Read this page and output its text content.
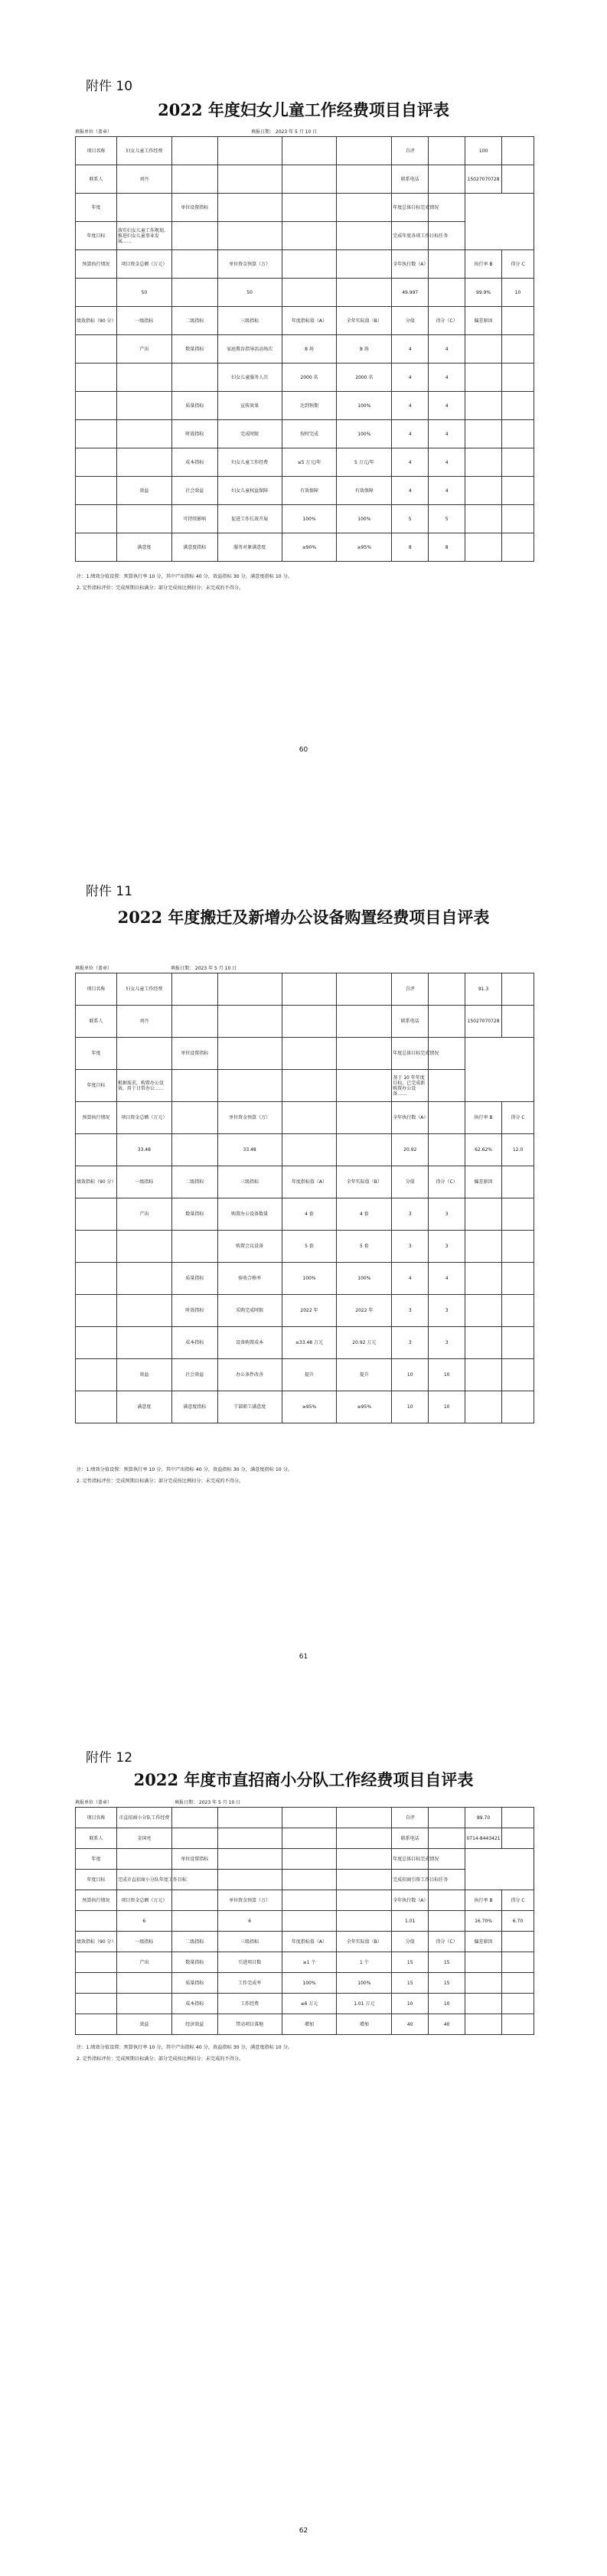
附件 10
2022 年度妇女儿童工作经费项目自评表
填报单位（盖章）	填报日期： 2023 年 5 月 10 日
项目名称	妇女儿童工作经费					自评		100	
联系人	刘丹					联系电话		15027070728	
年度		单位设置指标				年度总体目标完成情况			
年度目标	落实妇女儿童工作规划，推进妇女儿童事业发展……					完成年度各项工作目标任务			
预算执行情况	项目资金总额（万元）		单位资金预算（万）			全年执行数（A）		执行率 B	得分 C
	50		50			49.997		99.9%	10
绩效指标（90 分）	一级指标	二级指标	三级指标	年度指标值（A）	全年实际值（B）	分值	得分（C）	偏差原因	
	产出	数量指标	家庭教育指导活动场次	8 场	8 场	4	4		
			妇女儿童服务人次	2000 名	2000 名	4	4		
		质量指标	宣传效果	达到预期	100%	4	4		
		时效指标	完成时限	按时完成	100%	4	4		
		成本指标	妇女儿童工作经费	≤5 万元/年	5 万元/年	4	4		
	效益	社会效益	妇女儿童权益保障	有效保障	有效保障	4	4		
		可持续影响	促进工作长效开展	100%	100%	5	5		
	满意度	满意度指标	服务对象满意度	≥90%	≥95%	8	8		
注：1.绩效分值设置：预算执行率 10 分，其中产出指标 40 分，效益指标 30 分，满意度指标 10 分。
2. 定性指标评价：完成预期目标满分；部分完成按比例扣分；未完成的不得分。
60
附件 11
2022 年度搬迁及新增办公设备购置经费项目自评表
填报单位（盖章）	填报日期： 2023 年 5 月 10 日
项目名称	妇女儿童工作经费					自评		91.3	
联系人	刘丹					联系电话		15027070728	
年度		单位设置指标				年度总体目标完成情况			
年度目标	根据需求，购置办公设备，用于日常办公……					基于 10 年年度目标，已完成新购置办公设备……			
预算执行情况	项目资金总额（万元）		单位资金预算（万）			全年执行数（A）		执行率 B	得分 C
	33.48		33.48			20.92		62.62%	12.0
绩效指标（90 分）	一级指标	二级指标	三级指标	年度指标值（A）	全年实际值（B）	分值	得分（C）	偏差原因	
	产出	数量指标	购置办公设备数量	4 套	4 套	3	3		
			购置会议设备	5 套	5 套	3	3		
		质量指标	验收合格率	100%	100%	4	4		
		时效指标	采购完成时限	2022 年	2022 年	3	3		
		成本指标	设备购置成本	≤33.48 万元	20.92 万元	3	3		
	效益	社会效益	办公条件改善	提升	提升	10	10		
	满意度	满意度指标	干部职工满意度	≥95%	≥95%	10	10		
注：1.绩效分值设置：预算执行率 10 分，其中产出指标 40 分，效益指标 30 分，满意度指标 10 分。
2. 定性指标评价：完成预期目标满分；部分完成按比例扣分；未完成的不得分。
61
附件 12
2022 年度市直招商小分队工作经费项目自评表
填报单位（盖章）	填报日期： 2023 年 5 月 10 日
项目名称	市直招商小分队工作经费					自评		89.70	
联系人	金国亮					联系电话		0714-8443421	
年度		单位设置指标				年度总体目标完成情况			
年度目标	完成市直招商小分队年度工作目标					完成招商引资工作目标任务			
预算执行情况	项目资金总额（万元）		单位资金预算（万）			全年执行数（A）		执行率 B	得分 C
	6		6			1.01		16.70%	6.70
绩效指标（90 分）	一级指标	二级指标	三级指标	年度指标值（A）	全年实际值（B）	分值	得分（C）	偏差原因	
	产出	数量指标	引进项目数	≥1 个	1 个	15	15		
		质量指标	工作完成率	100%	100%	15	15		
		成本指标	工作经费	≤6 万元	1.01 万元	10	10		
	效益	经济效益	带动项目落地	增加	增加	40	40		
注：1.绩效分值设置：预算执行率 10 分，其中产出指标 40 分，效益指标 30 分，满意度指标 10 分。
2. 定性指标评价：完成预期目标满分；部分完成按比例扣分；未完成的不得分。
62
